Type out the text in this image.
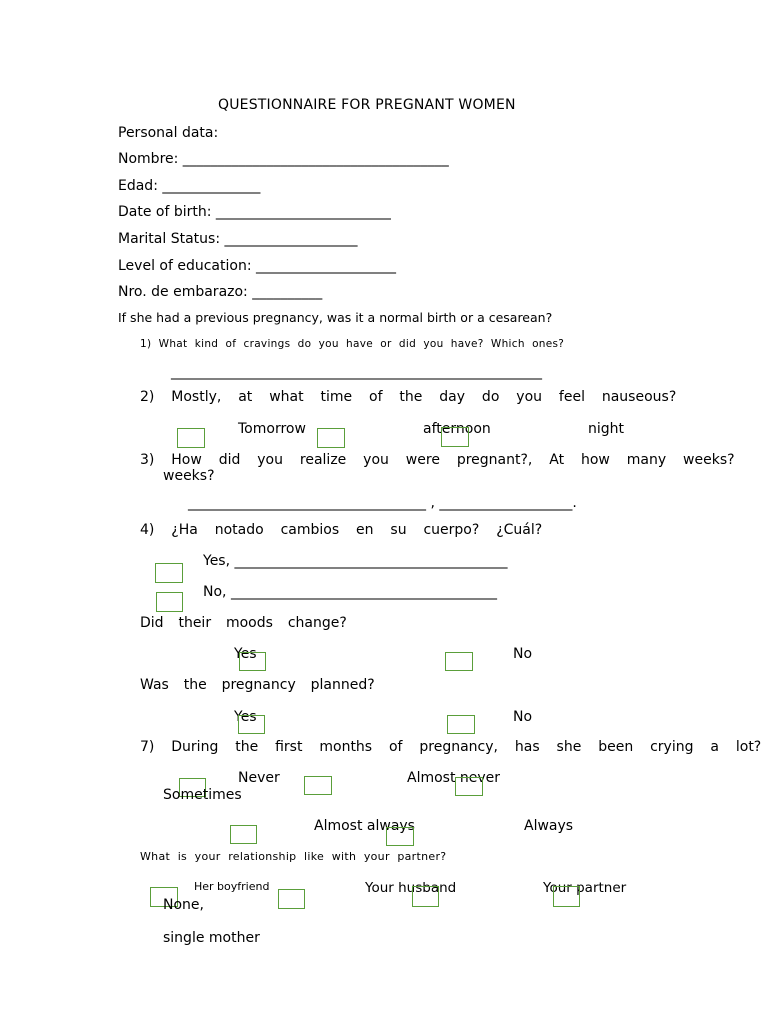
QUESTIONNAIRE FOR PREGNANT WOMEN
Personal data:
Nombre: ______________________________________
Edad: ______________
Date of birth: _________________________
Marital Status: ___________________
Level of education: ____________________
Nro. de embarazo: __________
If she had a previous pregnancy, was it a normal birth or a cesarean?
1)  What  kind  of  cravings  do  you  have  or  did  you  have?  Which  ones?
_____________________________________________________
2)  Mostly,  at  what  time  of  the  day  do  you  feel  nauseous?
Tomorrow	afternoon	night
3)  How  did  you  realize  you  were  pregnant?,  At  how  many  weeks?
weeks?
__________________________________ , ___________________.
4)  ¿Ha  notado  cambios  en  su  cuerpo?  ¿Cuál?
Yes, _______________________________________
No, ______________________________________
Did  their  moods  change?
Yes	No
Was  the  pregnancy  planned?
Yes	No
7)  During  the  first  months  of  pregnancy,  has  she  been  crying  a  lot?
Never	Almost never
Sometimes
Almost always	Always
What  is  your  relationship  like  with  your  partner?
Her boyfriend	Your husband	Your partner
None,
single mother
